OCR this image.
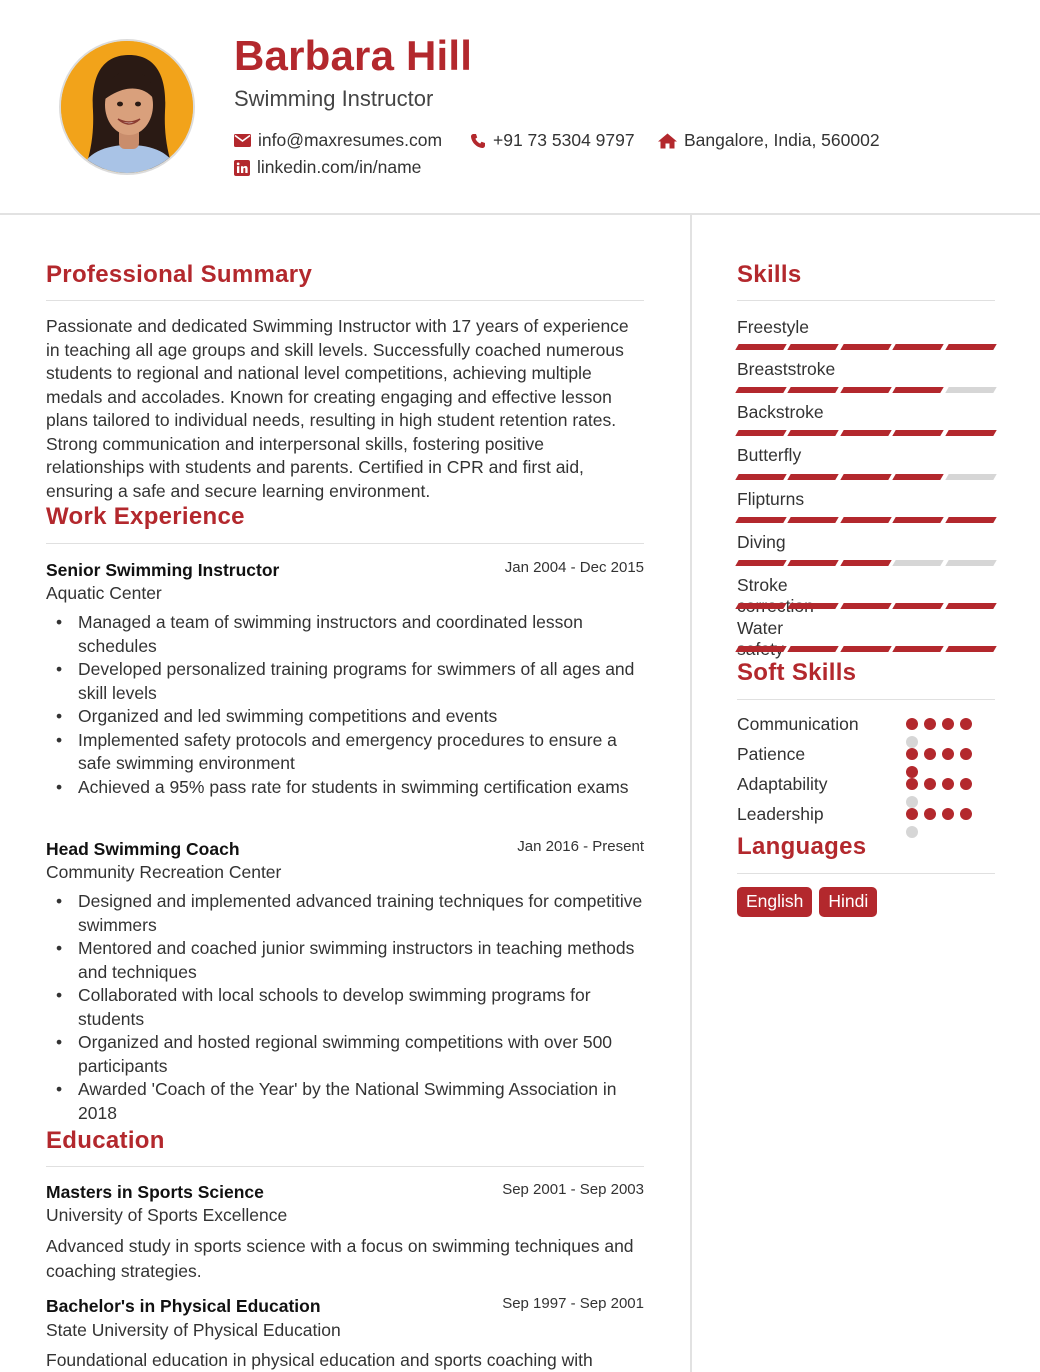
Barbara Hill
Swimming Instructor
info@maxresumes.com	+91 73 5304 9797	Bangalore, India, 560002
linkedin.com/in/name
Professional Summary
Passionate and dedicated Swimming Instructor with 17 years of experience in teaching all age groups and skill levels. Successfully coached numerous students to regional and national level competitions, achieving multiple medals and accolades. Known for creating engaging and effective lesson plans tailored to individual needs, resulting in high student retention rates. Strong communication and interpersonal skills, fostering positive relationships with students and parents. Certified in CPR and first aid, ensuring a safe and secure learning environment.
Work Experience
Senior Swimming Instructor	Jan 2004 - Dec 2015
Aquatic Center
• Managed a team of swimming instructors and coordinated lesson schedules
• Developed personalized training programs for swimmers of all ages and skill levels
• Organized and led swimming competitions and events
• Implemented safety protocols and emergency procedures to ensure a safe swimming environment
• Achieved a 95% pass rate for students in swimming certification exams
Head Swimming Coach	Jan 2016 - Present
Community Recreation Center
• Designed and implemented advanced training techniques for competitive swimmers
• Mentored and coached junior swimming instructors in teaching methods and techniques
• Collaborated with local schools to develop swimming programs for students
• Organized and hosted regional swimming competitions with over 500 participants
• Awarded 'Coach of the Year' by the National Swimming Association in 2018
Education
Masters in Sports Science	Sep 2001 - Sep 2003
University of Sports Excellence
Advanced study in sports science with a focus on swimming techniques and coaching strategies.
Bachelor's in Physical Education	Sep 1997 - Sep 2001
State University of Physical Education
Foundational education in physical education and sports coaching with
Skills
Freestyle
Breaststroke
Backstroke
Butterfly
Flipturns
Diving
Stroke
Water
Soft Skills
Communication
Patience
Adaptability
Leadership
Languages
English	Hindi
